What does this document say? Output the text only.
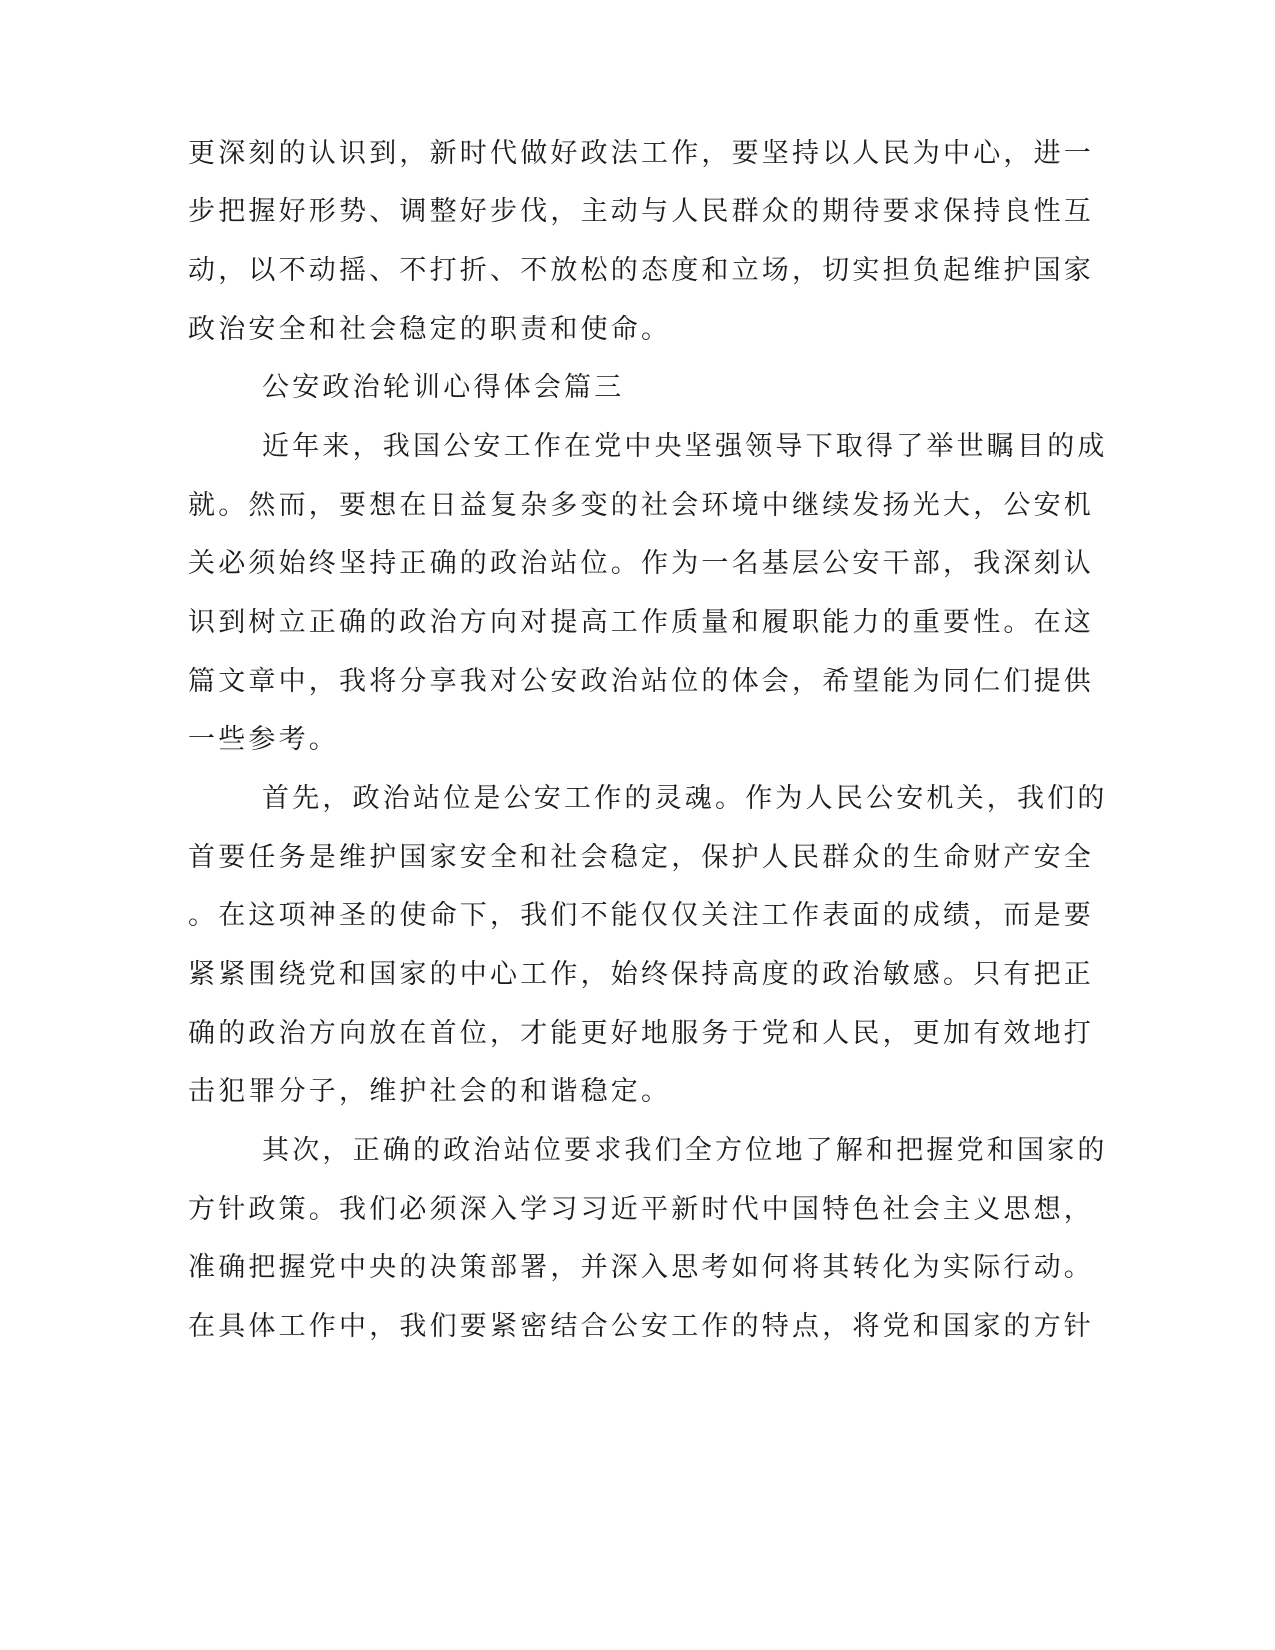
更深刻的认识到，新时代做好政法工作，要坚持以人民为中心，进一
步把握好形势、调整好步伐，主动与人民群众的期待要求保持良性互
动，以不动摇、不打折、不放松的态度和立场，切实担负起维护国家
政治安全和社会稳定的职责和使命。
公安政治轮训心得体会篇三
近年来，我国公安工作在党中央坚强领导下取得了举世瞩目的成
就。然而，要想在日益复杂多变的社会环境中继续发扬光大，公安机
关必须始终坚持正确的政治站位。作为一名基层公安干部，我深刻认
识到树立正确的政治方向对提高工作质量和履职能力的重要性。在这
篇文章中，我将分享我对公安政治站位的体会，希望能为同仁们提供
一些参考。
首先，政治站位是公安工作的灵魂。作为人民公安机关，我们的
首要任务是维护国家安全和社会稳定，保护人民群众的生命财产安全
。在这项神圣的使命下，我们不能仅仅关注工作表面的成绩，而是要
紧紧围绕党和国家的中心工作，始终保持高度的政治敏感。只有把正
确的政治方向放在首位，才能更好地服务于党和人民，更加有效地打
击犯罪分子，维护社会的和谐稳定。
其次，正确的政治站位要求我们全方位地了解和把握党和国家的
方针政策。我们必须深入学习习近平新时代中国特色社会主义思想，
准确把握党中央的决策部署，并深入思考如何将其转化为实际行动。
在具体工作中，我们要紧密结合公安工作的特点，将党和国家的方针
